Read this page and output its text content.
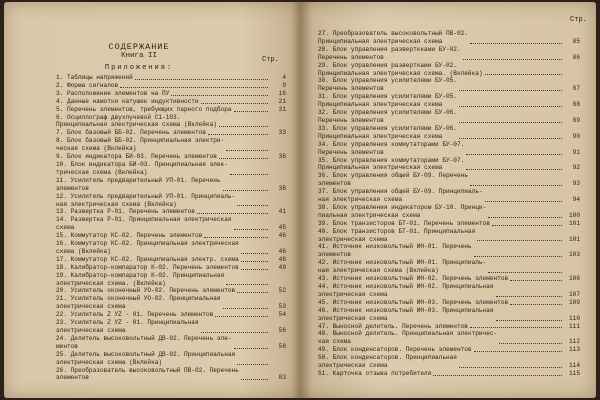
СОДЕРЖАНИЕ
Книга II	Стр.
Приложения:
1. Таблицы напряжений	4
2. Форма сигналов	9
3. Расположение элементов на ПУ	16
4. Данные намотки катушек индуктивности	21
5. Перечень элементов, требующих парного подбора	31
6. Осциллограф двухлучевой С1-103.
Принципиальная электрическая схема (Вклейка)
7. Блок базовый ББ-02. Перечень элементов	33
8. Блок базовый ББ-02. Принципиальная электри-
ческая схема (Вклейка)
9. Блок индикатора БИ-03. Перечень элементов	36
10. Блок индикатора БИ-03. Принципиальная элек-
трическая схема (Вклейка)
11. Усилитель предварительный УП-01. Перечень
элементов	38
12. Усилитель предварительный УП-01. Принципиаль-
ная электрическая схема (Вклейка)
13. Развертка Р-01. Перечень элементов	41
14. Развертка Р-01. Принципиальная электрическая
схема	45
15. Коммутатор КС-02. Перечень элементов	46
16. Коммутатор КС-02. Принципиальная электрическая
схема (Вклейка)	46
17. Коммутатор КС-02. Принципиальная электр. схема	48
18. Калибратор-компаратор К-02. Перечень элементов	49
19. Калибратор-компаратор К-02. Принципиальная
электрическая схема. (Вклейка)
20. Усилитель оконечный УО-02. Перечень элементов	52
21. Усилитель оконечный УО-02. Принципиальная
электрическая схема	53
22. Усилитель Z УZ - 01. Перечень элементов	54
23. Усилитель Z УZ - 01. Принципиальная
электрическая схема	56
24. Делитель высоковольтный ДВ-02. Перечень эле-
ментов	58
25. Делитель высоковольтный ДВ-02. Принципиальная
электрическая схема (Вклейка)
26. Преобразователь высоковольтный ПВ-02. Перечень
элементов	83
Стр.
27. Преобразователь высоковольтный ПВ-02.
Принципиальная электрическая схема	85
28. Блок управления разверткками БУ-02.
Перечень элементов	86
29. Блок управления развертками БУ-02.
Принципиальная электрическая схема. (Вклейка)
30. Блок управления усилителями БУ-05.
Перечень элементов	87
31. Блок управления усилителями БУ-05.
Принципиальная электрическая схема	88
32. Блок управления усилителями БУ-06.
Перечень элементов	89
33. Блок управления усилителями БУ-06.
Принципиальная электрическая схема	90
34. Блок управления коммутаторами БУ-07.
Перечень элементов	91
35. Блок управления коммутаторами БУ-07.
Принципиальная электрическая схема	92
36. Блок управления общей БУ-09. Перечень
элементов	93
37. Блок управления общей БУ-09. Принципиаль-
ная электрическая схема	94
38. Блок управления индикатором БУ-10. Принци-
пиальная электрическая схема	100
39. Блок транзисторов БТ-01. Перечень элементов	101
40. Блок транзисторов БТ-01. Принципиальная
электрическая схема	101
41. Источник низковольтный ИН-01. Перечень
элементов	103
42. Источник низковольтный ИН-01. Принципиаль-
ная электрическая схема (Вклейка)
43. Источник низковольтный ИН-02. Перечень элементов	106
44. Источник низковольтный ИН-02. Принципиальная
электрическая схема	107
45. Источник низковольтный ИН-03. Перечень элементов	109
46. Источник низковольтный ИН-03. Принципиальная
электрическая схема	110
47. Выносной делитель. Перечень элементов	111
48. Выносной делитель. Принципиальная электричес-
кая схема	112
49. Блок конденсаторов. Перечень элементов	113
50. Блок конденсаторов. Принципиальная
электрическая схема	114
51. Карточка отзыва потребителя	115
